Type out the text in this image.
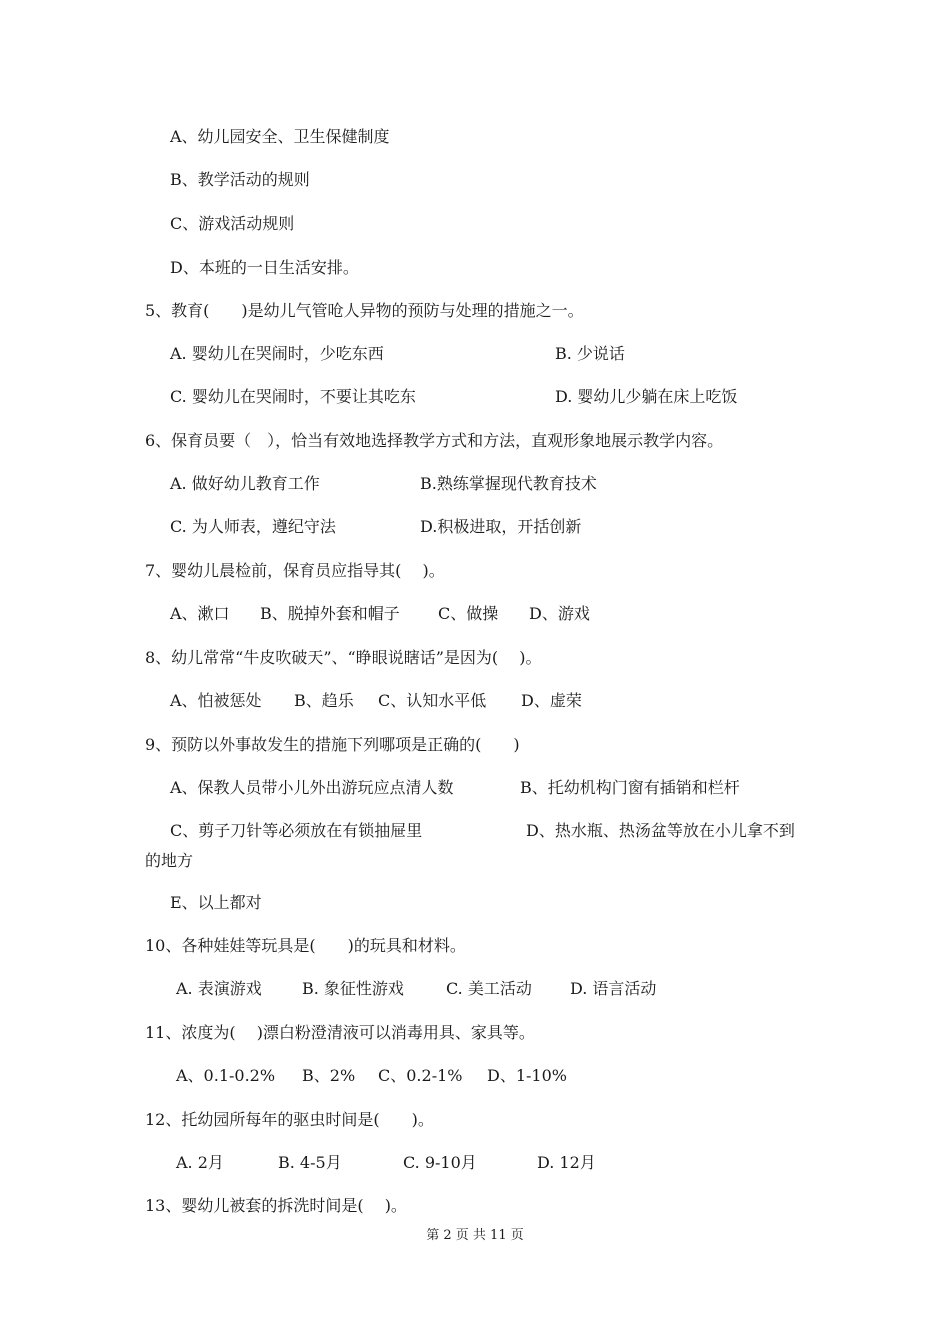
A、幼儿园安全、卫生保健制度
B、教学活动的规则
C、游戏活动规则
D、本班的一日生活安排。
5、教育(　　)是幼儿气管呛人异物的预防与处理的措施之一。
A. 婴幼儿在哭闹时，少吃东西	B. 少说话
C. 婴幼儿在哭闹时，不要让其吃东	D. 婴幼儿少躺在床上吃饭
6、保育员要（　），恰当有效地选择教学方式和方法，直观形象地展示教学内容。
A. 做好幼儿教育工作	B.熟练掌握现代教育技术
C. 为人师表，遵纪守法	D.积极进取，开括创新
7、婴幼儿晨检前，保育员应指导其(　 )。
A、漱口 B、脱掉外套和帽子 C、做操 D、游戏
8、幼儿常常“牛皮吹破天”、“睁眼说瞎话”是因为(　 )。
A、怕被惩处 B、趋乐 C、认知水平低 D、虚荣
9、预防以外事故发生的措施下列哪项是正确的(　　)
A、保教人员带小儿外出游玩应点清人数	B、托幼机构门窗有插销和栏杆
C、剪子刀针等必须放在有锁抽屉里	D、热水瓶、热汤盆等放在小儿拿不到
的地方
E、以上都对
10、各种娃娃等玩具是(　　)的玩具和材料。
A. 表演游戏	B. 象征性游戏	C. 美工活动 D. 语言活动
11、浓度为(　 )漂白粉澄清液可以消毒用具、家具等。
A、0.1-0.2% B、2% C、0.2-1% D、1-10%
12、托幼园所每年的驱虫时间是(　　)。
A. 2月	B. 4-5月	C. 9-10月	D. 12月
13、婴幼儿被套的拆洗时间是(　 )。
第 2 页 共 11 页
